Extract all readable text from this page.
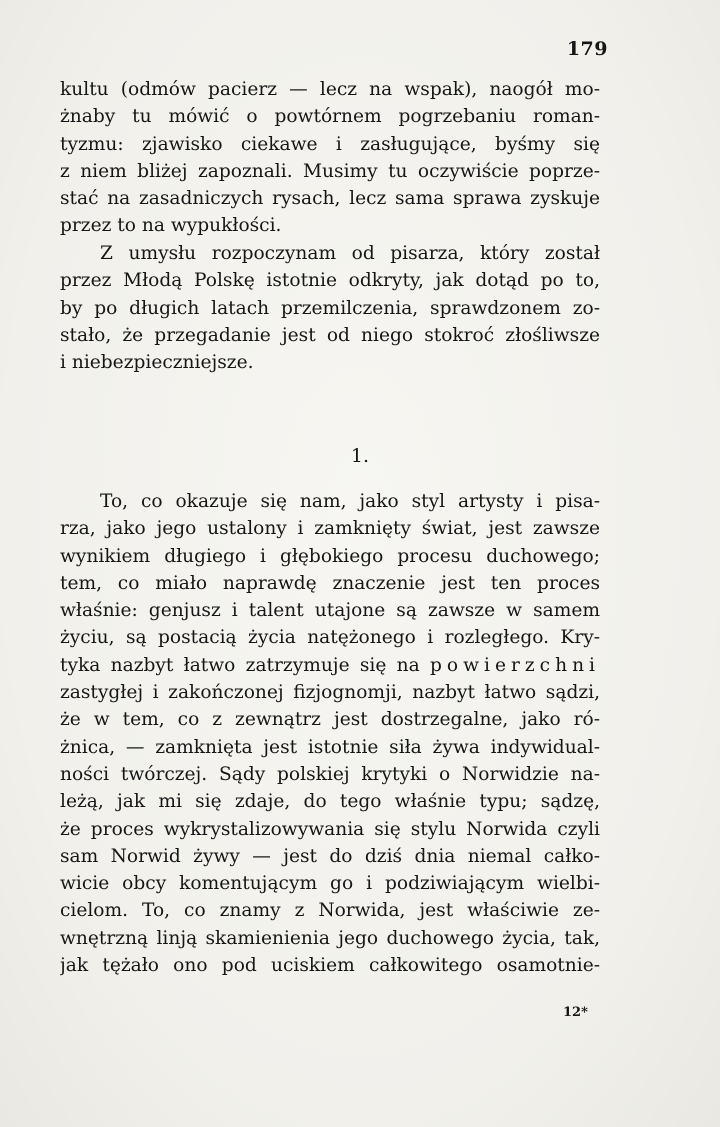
179
kultu (odmów pacierz — lecz na wspak), naogół mo-
żnaby tu mówić o powtórnem pogrzebaniu roman-
tyzmu: zjawisko ciekawe i zasługujące, byśmy się
z niem bliżej zapoznali. Musimy tu oczywiście poprze-
stać na zasadniczych rysach, lecz sama sprawa zyskuje
przez to na wypukłości.
Z umysłu rozpoczynam od pisarza, który został
przez Młodą Polskę istotnie odkryty, jak dotąd po to,
by po długich latach przemilczenia, sprawdzonem zo-
stało, że przegadanie jest od niego stokroć złośliwsze
i niebezpieczniejsze.
1.
To, co okazuje się nam, jako styl artysty i pisa-
rza, jako jego ustalony i zamknięty świat, jest zawsze
wynikiem długiego i głębokiego procesu duchowego;
tem, co miało naprawdę znaczenie jest ten proces
właśnie: genjusz i talent utajone są zawsze w samem
życiu, są postacią życia natężonego i rozległego. Kry-
tyka nazbyt łatwo zatrzymuje się na powierzchni
zastygłej i zakończonej fizjognomji, nazbyt łatwo sądzi,
że w tem, co z zewnątrz jest dostrzegalne, jako ró-
żnica, — zamknięta jest istotnie siła żywa indywidual-
ności twórczej. Sądy polskiej krytyki o Norwidzie na-
leżą, jak mi się zdaje, do tego właśnie typu; sądzę,
że proces wykrystalizowywania się stylu Norwida czyli
sam Norwid żywy — jest do dziś dnia niemal całko-
wicie obcy komentującym go i podziwiającym wielbi-
cielom. To, co znamy z Norwida, jest właściwie ze-
wnętrzną linją skamienienia jego duchowego życia, tak,
jak tężało ono pod uciskiem całkowitego osamotnie-
12*
